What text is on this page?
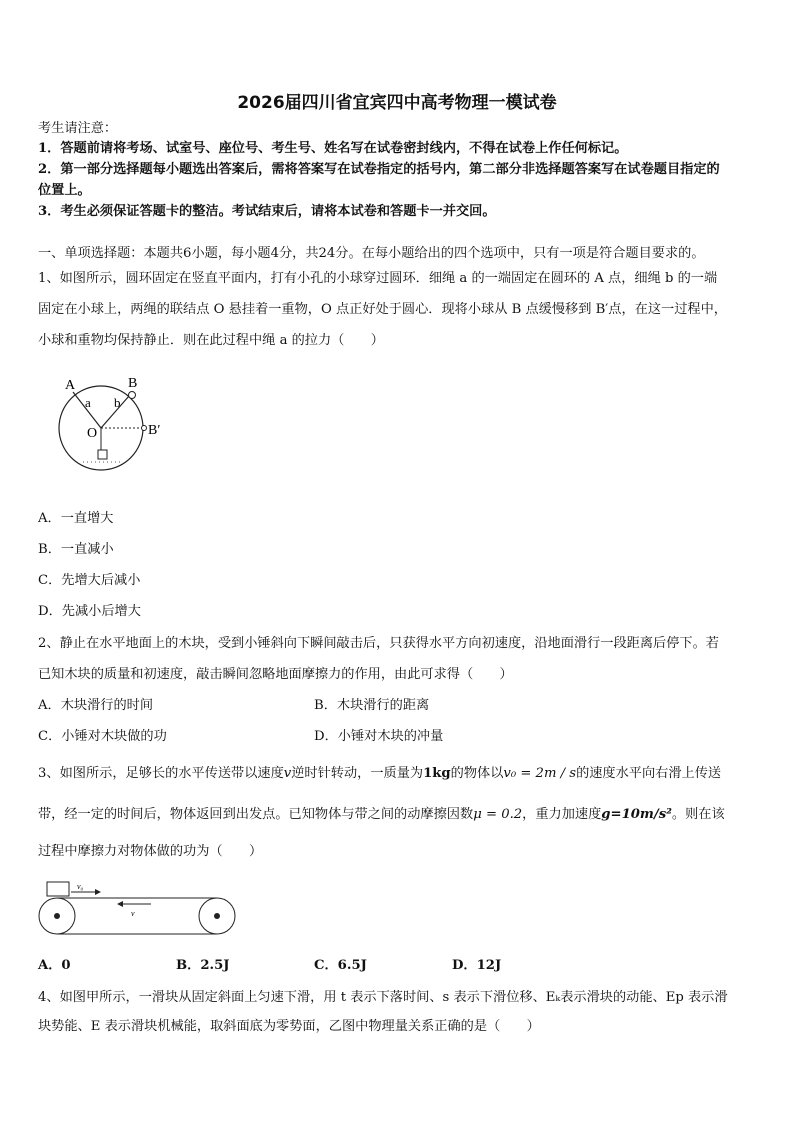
2026届四川省宜宾四中高考物理一模试卷
考生请注意：
1．答题前请将考场、试室号、座位号、考生号、姓名写在试卷密封线内，不得在试卷上作任何标记。
2．第一部分选择题每小题选出答案后，需将答案写在试卷指定的括号内，第二部分非选择题答案写在试卷题目指定的
位置上。
3．考生必须保证答题卡的整洁。考试结束后，请将本试卷和答题卡一并交回。
一、单项选择题：本题共6小题，每小题4分，共24分。在每小题给出的四个选项中，只有一项是符合题目要求的。
1、如图所示，圆环固定在竖直平面内，打有小孔的小球穿过圆环．细绳 a 的一端固定在圆环的 A 点，细绳 b 的一端
固定在小球上，两绳的联结点 O 悬挂着一重物，O 点正好处于圆心．现将小球从 B 点缓慢移到 B′点，在这一过程中，
小球和重物均保持静止．则在此过程中绳 a 的拉力（　　）
A
a
B
b
O	B′
A．一直增大
B．一直减小
C．先增大后减小
D．先减小后增大
2、静止在水平地面上的木块，受到小锤斜向下瞬间敲击后，只获得水平方向初速度，沿地面滑行一段距离后停下。若
已知木块的质量和初速度，敲击瞬间忽略地面摩擦力的作用，由此可求得（　　）
A．木块滑行的时间	B．木块滑行的距离
C．小锤对木块做的功	D．小锤对木块的冲量
3、如图所示，足够长的水平传送带以速度v逆时针转动，一质量为1kg的物体以v₀ = 2m / s的速度水平向右滑上传送
带，经一定的时间后，物体返回到出发点。已知物体与带之间的动摩擦因数μ = 0.2，重力加速度g=10m/s²。则在该
过程中摩擦力对物体做的功为（　　）
v₀
v
A．0	B．2.5J	C．6.5J	D．12J
4、如图甲所示，一滑块从固定斜面上匀速下滑，用 t 表示下落时间、s 表示下滑位移、Eₖ表示滑块的动能、Ep 表示滑
块势能、E 表示滑块机械能，取斜面底为零势面，乙图中物理量关系正确的是（　　）
